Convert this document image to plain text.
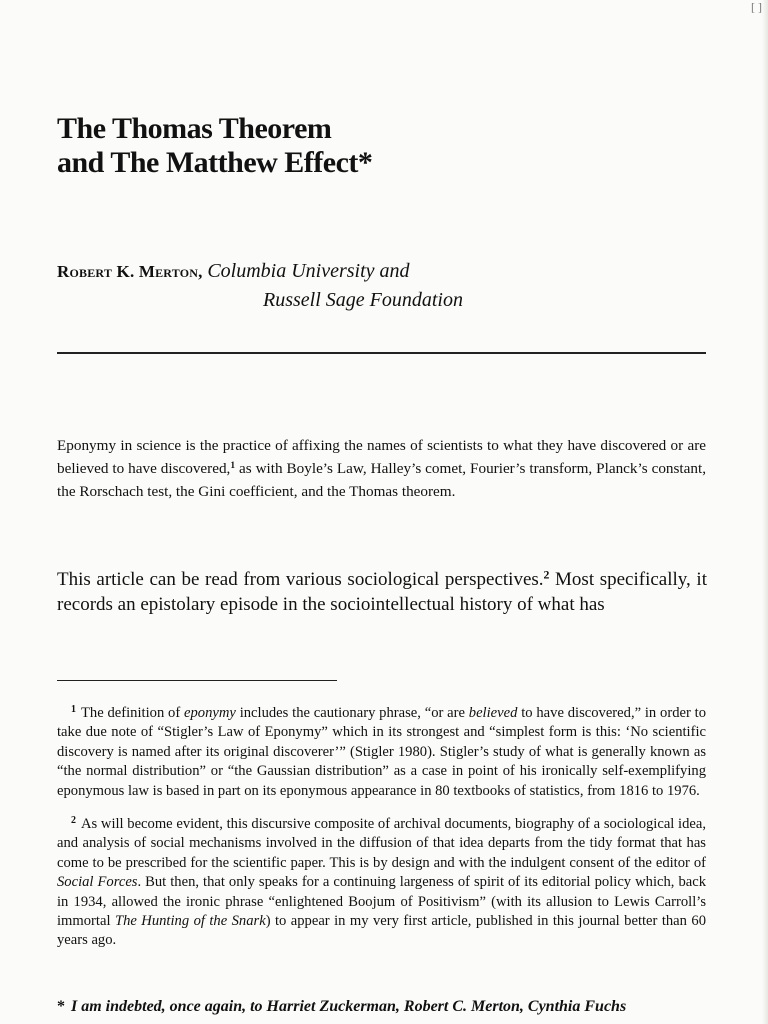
[ ]
The Thomas Theorem
and The Matthew Effect*
Robert K. Merton, Columbia University and
Russell Sage Foundation
Eponymy in science is the practice of affixing the names of scientists to what they have discovered or are believed to have discovered,$^1$ as with Boyle’s Law, Halley’s comet, Fourier’s transform, Planck’s constant, the Rorschach test, the Gini coefficient, and the Thomas theorem.
This article can be read from various sociological perspectives.$^2$ Most specifically, it records an epistolary episode in the sociointellectual history of what has

$^1$ The definition of eponymy includes the cautionary phrase, “or are believed to have discovered,” in order to take due note of “Stigler’s Law of Eponymy” which in its strongest and “simplest form is this: ‘No scientific discovery is named after its original discoverer’” (Stigler 1980). Stigler’s study of what is generally known as “the normal distribution” or “the Gaussian distribution” as a case in point of his ironically self-exemplifying eponymous law is based in part on its eponymous appearance in 80 textbooks of statistics, from 1816 to 1976.

$^2$ As will become evident, this discursive composite of archival documents, biography of a sociological idea, and analysis of social mechanisms involved in the diffusion of that idea departs from the tidy format that has come to be prescribed for the scientific paper. This is by design and with the indulgent consent of the editor of Social Forces. But then, that only speaks for a continuing largeness of spirit of its editorial policy which, back in 1934, allowed the ironic phrase “enlightened Boojum of Positivism” (with its allusion to Lewis Carroll’s immortal The Hunting of the Snark) to appear in my very first article, published in this journal better than 60 years ago.

* I am indebted, once again, to Harriet Zuckerman, Robert C. Merton, Cynthia Fuchs
